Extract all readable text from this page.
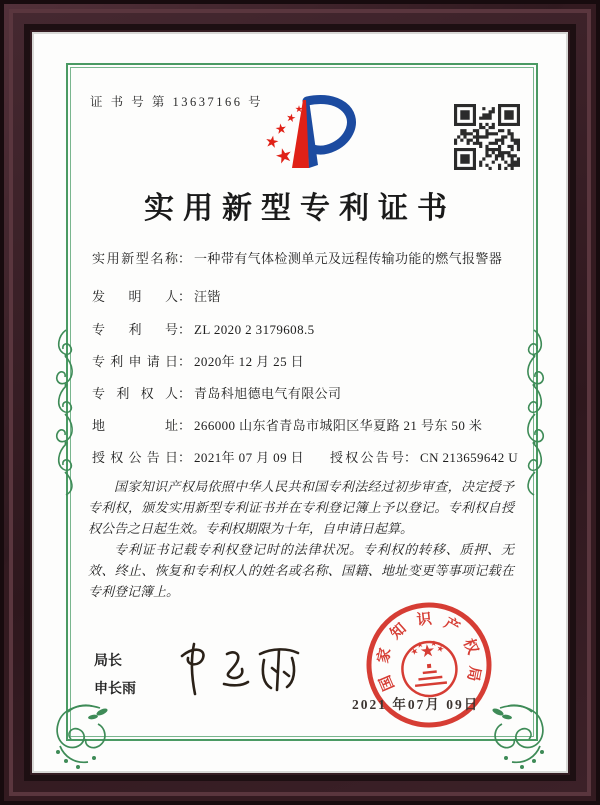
证 书 号 第 13637166 号
实用新型专利证书
实用新型名称： 一种带有气体检测单元及远程传输功能的燃气报警器
发明人： 汪锴
专利号： ZL 2020 2 3179608.5
专利申请日： 2020年 12 月 25 日
专利权人： 青岛科旭德电气有限公司
地址： 266000 山东省青岛市城阳区华夏路 21 号东 50 米
授权公告日： 2021年 07 月 09 日 授权公告号： CN 213659642 U

国家知识产权局依照中华人民共和国专利法经过初步审查，决定授予专利权，颁发实用新型专利证书并在专利登记簿上予以登记。专利权自授权公告之日起生效。专利权期限为十年，自申请日起算。

专利证书记载专利权登记时的法律状况。专利权的转移、质押、无效、终止、恢复和专利权人的姓名或名称、国籍、地址变更等事项记载在专利登记簿上。

局长
申长雨
2021 年07月 09日
国
家
知
识 产
权
局
